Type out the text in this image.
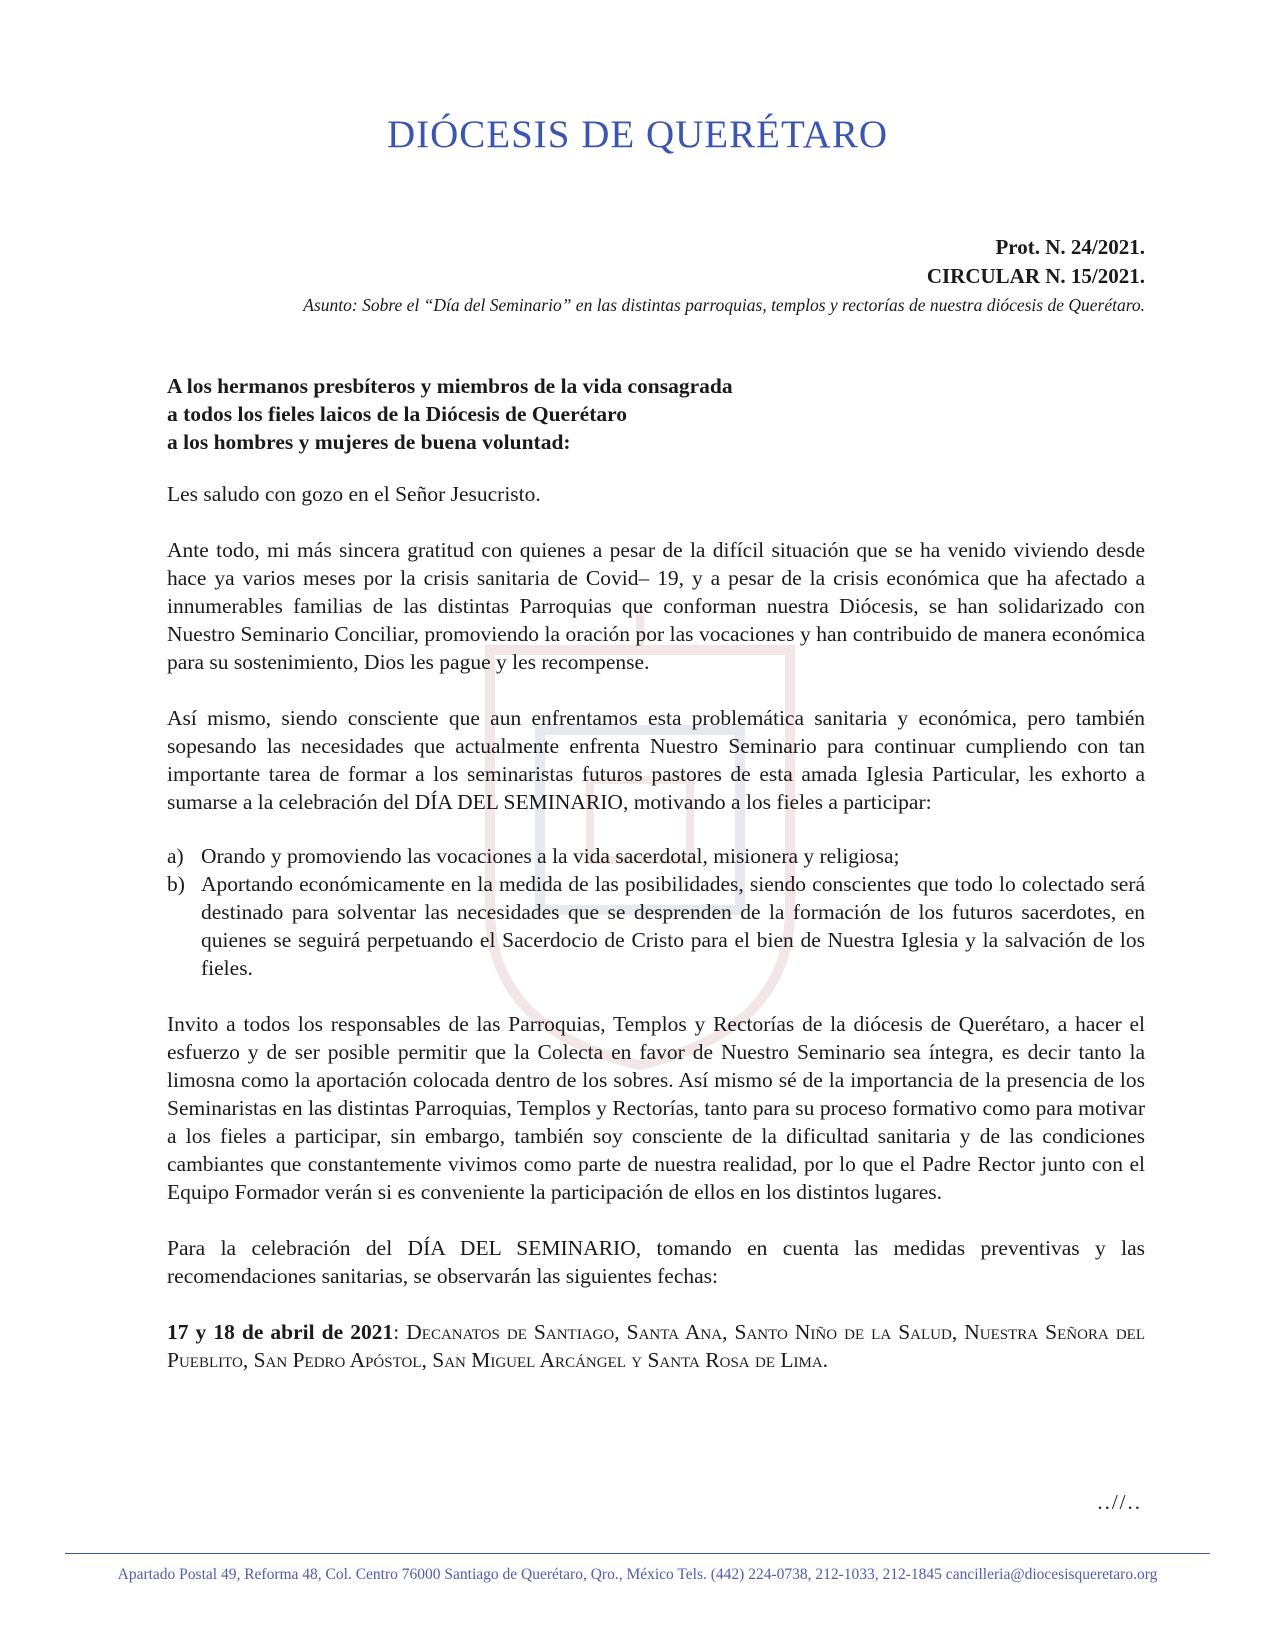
DIÓCESIS DE QUERÉTARO
Prot. N. 24/2021.
CIRCULAR N. 15/2021.
Asunto: Sobre el “Día del Seminario” en las distintas parroquias, templos y rectorías de nuestra diócesis de Querétaro.
A los hermanos presbíteros y miembros de la vida consagrada
a todos los fieles laicos de la Diócesis de Querétaro
a los hombres y mujeres de buena voluntad:

Les saludo con gozo en el Señor Jesucristo.

Ante todo, mi más sincera gratitud con quienes a pesar de la difícil situación que se ha venido viviendo desde hace ya varios meses por la crisis sanitaria de Covid– 19, y a pesar de la crisis económica que ha afectado a innumerables familias de las distintas Parroquias que conforman nuestra Diócesis, se han solidarizado con Nuestro Seminario Conciliar, promoviendo la oración por las vocaciones y han contribuido de manera económica para su sostenimiento, Dios les pague y les recompense.

Así mismo, siendo consciente que aun enfrentamos esta problemática sanitaria y económica, pero también sopesando las necesidades que actualmente enfrenta Nuestro Seminario para continuar cumpliendo con tan importante tarea de formar a los seminaristas futuros pastores de esta amada Iglesia Particular, les exhorto a sumarse a la celebración del DÍA DEL SEMINARIO, motivando a los fieles a participar:

a) Orando y promoviendo las vocaciones a la vida sacerdotal, misionera y religiosa;
b) Aportando económicamente en la medida de las posibilidades, siendo conscientes que todo lo colectado será destinado para solventar las necesidades que se desprenden de la formación de los futuros sacerdotes, en quienes se seguirá perpetuando el Sacerdocio de Cristo para el bien de Nuestra Iglesia y la salvación de los fieles.

Invito a todos los responsables de las Parroquias, Templos y Rectorías de la diócesis de Querétaro, a hacer el esfuerzo y de ser posible permitir que la Colecta en favor de Nuestro Seminario sea íntegra, es decir tanto la limosna como la aportación colocada dentro de los sobres. Así mismo sé de la importancia de la presencia de los Seminaristas en las distintas Parroquias, Templos y Rectorías, tanto para su proceso formativo como para motivar a los fieles a participar, sin embargo, también soy consciente de la dificultad sanitaria y de las condiciones cambiantes que constantemente vivimos como parte de nuestra realidad, por lo que el Padre Rector junto con el Equipo Formador verán si es conveniente la participación de ellos en los distintos lugares.

Para la celebración del DÍA DEL SEMINARIO, tomando en cuenta las medidas preventivas y las recomendaciones sanitarias, se observarán las siguientes fechas:

17 y 18 de abril de 2021: Decanatos de Santiago, Santa Ana, Santo Niño de la Salud, Nuestra Señora del Pueblito, San Pedro Apóstol, San Miguel Arcángel y Santa Rosa de Lima.

..//..
Apartado Postal 49, Reforma 48, Col. Centro 76000 Santiago de Querétaro, Qro., México Tels. (442) 224-0738, 212-1033, 212-1845 cancilleria@diocesisqueretaro.org
